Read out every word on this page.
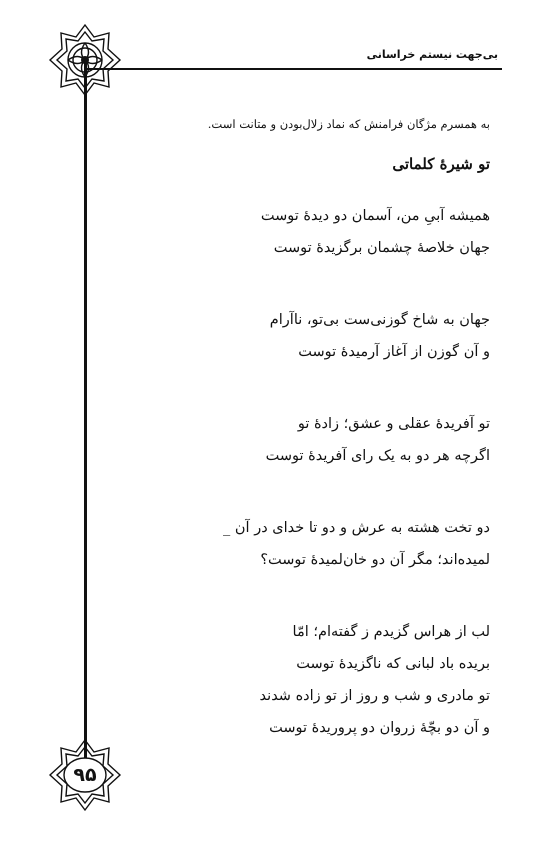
بی‌جهت نیستم خراسانی
به همسرم مژگان فرامنش که نماد زلال‌بودن و متانت است.
تو شیرهٔ کلماتی
همیشه آبیِ من، آسمان دو دیدهٔ توست
جهان خلاصهٔ چشمان برگزیدهٔ توست
جهان به شاخ گوزنی‌ست بی‌تو، ناآرام
و آن گوزن از آغاز آرمیدهٔ توست
تو آفریدهٔ عقلی و عشق؛ زادهٔ تو
اگرچه هر دو به یک رای آفریدهٔ توست
دو تخت هشته به عرش و دو تا خدای در آن _
لمیده‌اند؛ مگر آن دو خان‌لمیدهٔ توست؟
لب از هراس گزیدم ز گفته‌ام؛ امّا
بریده باد لبانی که ناگزیدهٔ توست
تو مادری و شب و روز از تو زاده شدند
و آن دو بچّهٔ زروان دو پروریدهٔ توست
۹۵
